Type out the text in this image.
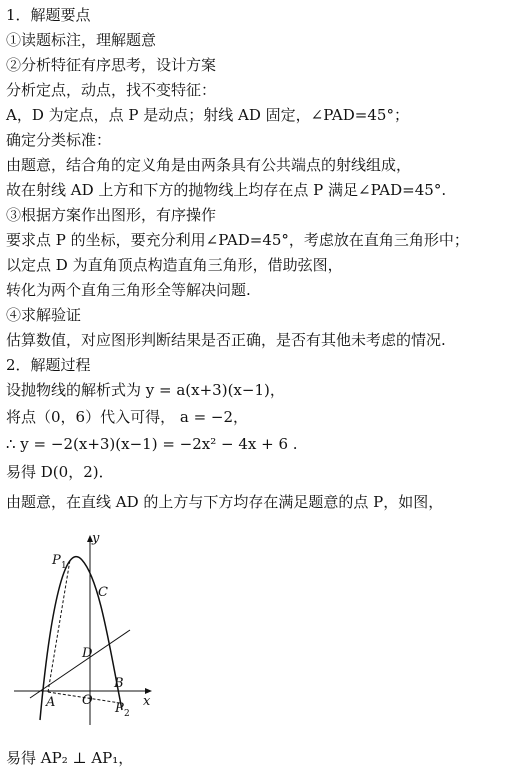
1．解题要点
①读题标注，理解题意
②分析特征有序思考，设计方案
分析定点，动点，找不变特征：
A，D 为定点，点 P 是动点；射线 AD 固定，∠PAD=45°；
确定分类标准：
由题意，结合角的定义角是由两条具有公共端点的射线组成，
故在射线 AD 上方和下方的抛物线上均存在点 P 满足∠PAD=45°.
③根据方案作出图形，有序操作
要求点 P 的坐标，要充分利用∠PAD=45°，考虑放在直角三角形中；
以定点 D 为直角顶点构造直角三角形，借助弦图，
转化为两个直角三角形全等解决问题.
④求解验证
估算数值，对应图形判断结果是否正确，是否有其他未考虑的情况.
2．解题过程
设抛物线的解析式为 y = a(x+3)(x−1)，
将点（0，6）代入可得， a = −2，
∴ y = −2(x+3)(x−1) = −2x² − 4x + 6 .
易得 D(0，2)．
由题意，在直线 AD 的上方与下方均存在满足题意的点 P，如图，
y
x
O
A
B
C
D
P 1
P 2
易得 AP₂ ⊥ AP₁，
